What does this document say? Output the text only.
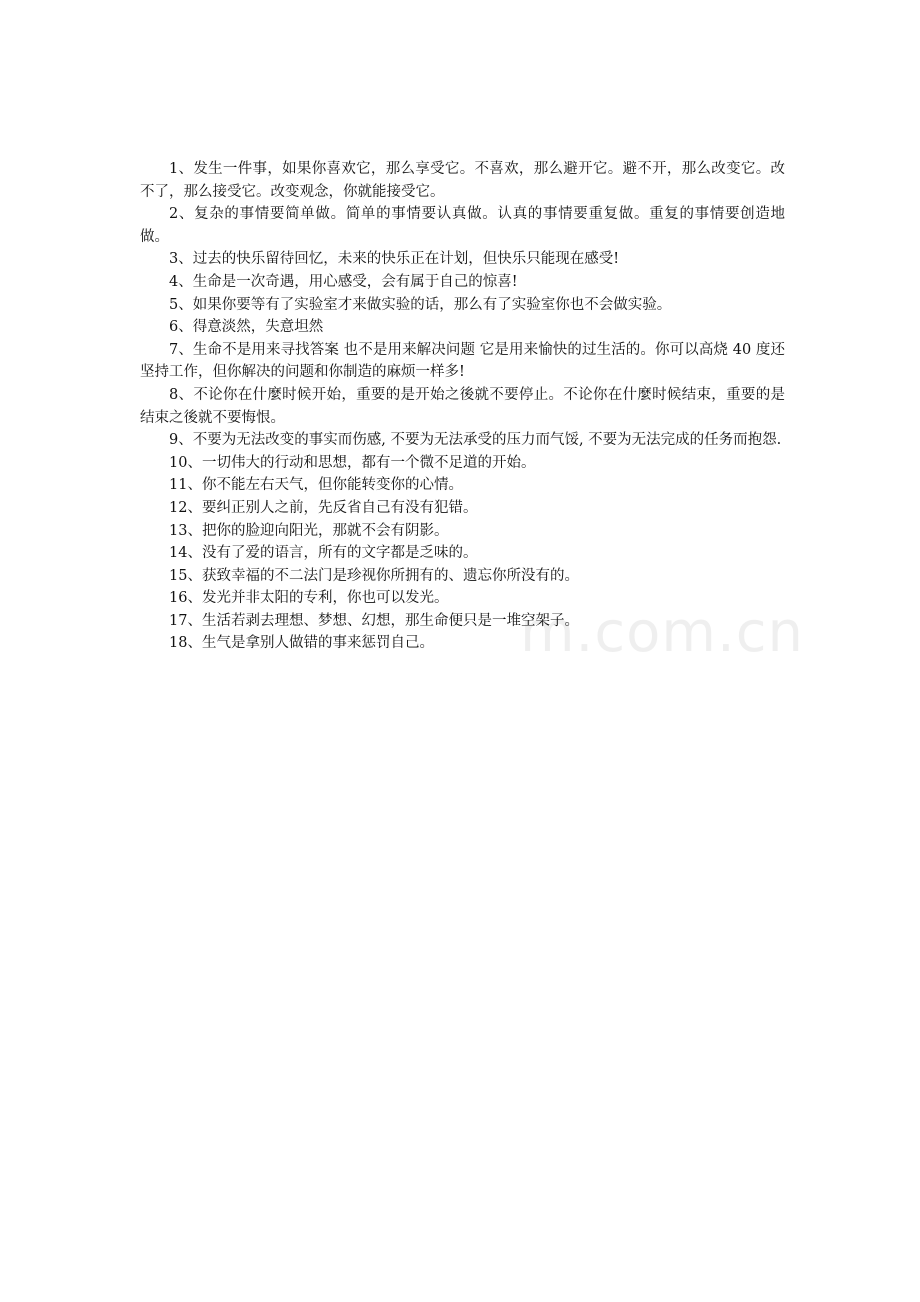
m.com.cn

1、发生一件事，如果你喜欢它，那么享受它。不喜欢，那么避开它。避不开，那么改变它。改不了，那么接受它。改变观念，你就能接受它。

2、复杂的事情要简单做。简单的事情要认真做。认真的事情要重复做。重复的事情要创造地做。

3、过去的快乐留待回忆，未来的快乐正在计划，但快乐只能现在感受!

4、生命是一次奇遇，用心感受，会有属于自己的惊喜!

5、如果你要等有了实验室才来做实验的话，那么有了实验室你也不会做实验。

6、得意淡然，失意坦然

7、生命不是用来寻找答案 也不是用来解决问题 它是用来愉快的过生活的。你可以高烧 40 度还坚持工作，但你解决的问题和你制造的麻烦一样多!

8、不论你在什麼时候开始，重要的是开始之後就不要停止。不论你在什麼时候结束，重要的是结束之後就不要悔恨。

9、不要为无法改变的事实而伤感, 不要为无法承受的压力而气馁, 不要为无法完成的任务而抱怨.

10、一切伟大的行动和思想，都有一个微不足道的开始。

11、你不能左右天气，但你能转变你的心情。

12、要纠正别人之前，先反省自己有没有犯错。

13、把你的脸迎向阳光，那就不会有阴影。

14、没有了爱的语言，所有的文字都是乏味的。

15、获致幸福的不二法门是珍视你所拥有的、遗忘你所没有的。

16、发光并非太阳的专利，你也可以发光。

17、生活若剥去理想、梦想、幻想，那生命便只是一堆空架子。

18、生气是拿别人做错的事来惩罚自己。
